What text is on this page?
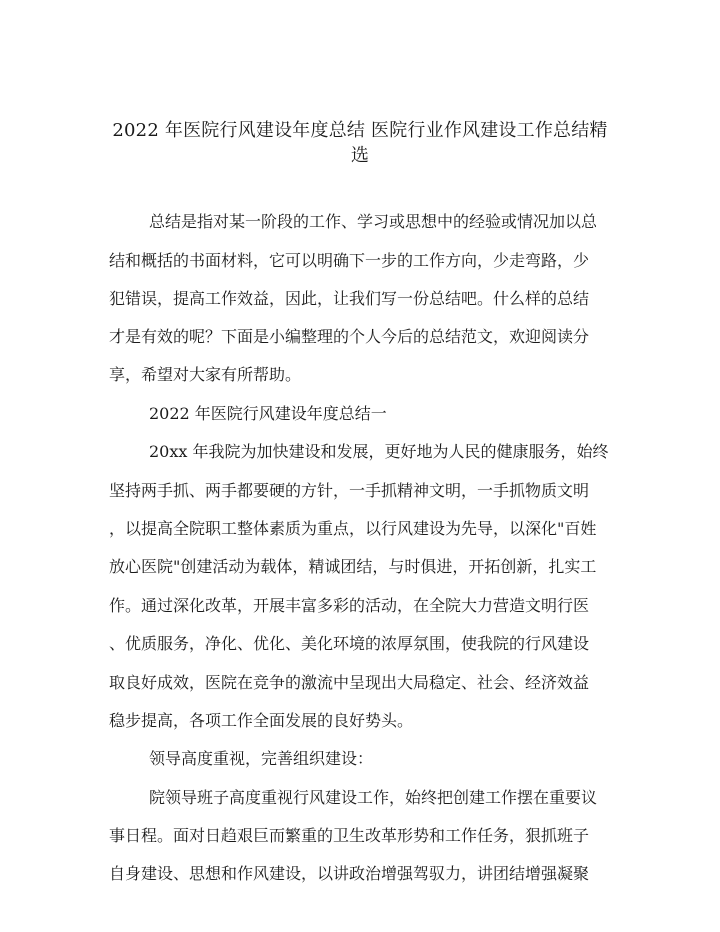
2022 年医院行风建设年度总结 医院行业作风建设工作总结精
选
总结是指对某一阶段的工作、学习或思想中的经验或情况加以总
结和概括的书面材料，它可以明确下一步的工作方向，少走弯路，少
犯错误，提高工作效益，因此，让我们写一份总结吧。什么样的总结
才是有效的呢？下面是小编整理的个人今后的总结范文，欢迎阅读分
享，希望对大家有所帮助。
2022 年医院行风建设年度总结一
20xx 年我院为加快建设和发展，更好地为人民的健康服务，始终
坚持两手抓、两手都要硬的方针，一手抓精神文明，一手抓物质文明
，以提高全院职工整体素质为重点，以行风建设为先导，以深化"百姓
放心医院"创建活动为载体，精诚团结，与时俱进，开拓创新，扎实工
作。通过深化改革，开展丰富多彩的活动，在全院大力营造文明行医
、优质服务，净化、优化、美化环境的浓厚氛围，使我院的行风建设
取良好成效，医院在竞争的激流中呈现出大局稳定、社会、经济效益
稳步提高，各项工作全面发展的良好势头。
领导高度重视，完善组织建设：
院领导班子高度重视行风建设工作，始终把创建工作摆在重要议
事日程。面对日趋艰巨而繁重的卫生改革形势和工作任务，狠抓班子
自身建设、思想和作风建设，以讲政治增强驾驭力，讲团结增强凝聚
